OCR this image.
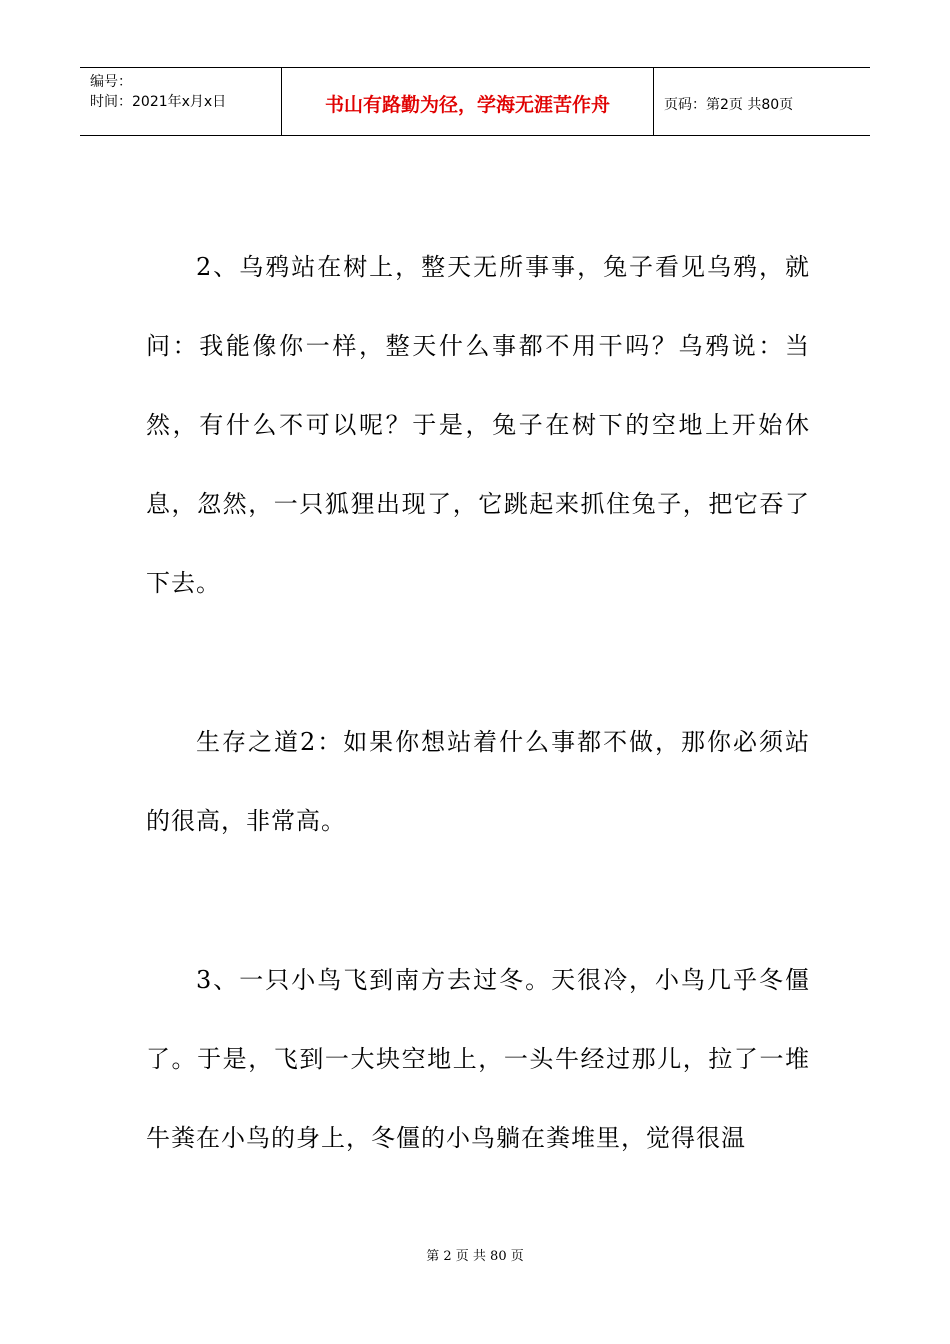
编号：
时间：2021年x月x日	书山有路勤为径，学海无涯苦作舟	页码：第2页 共80页

2、乌鸦站在树上，整天无所事事，兔子看见乌鸦，就问：我能像你一样，整天什么事都不用干吗？乌鸦说：当然，有什么不可以呢？于是，兔子在树下的空地上开始休息，忽然，一只狐狸出现了，它跳起来抓住兔子，把它吞了下去。

生存之道2：如果你想站着什么事都不做，那你必须站的很高，非常高。

3、一只小鸟飞到南方去过冬。天很冷，小鸟几乎冬僵了。于是，飞到一大块空地上，一头牛经过那儿，拉了一堆牛粪在小鸟的身上，冬僵的小鸟躺在粪堆里，觉得很温

第 2 页 共 80 页
